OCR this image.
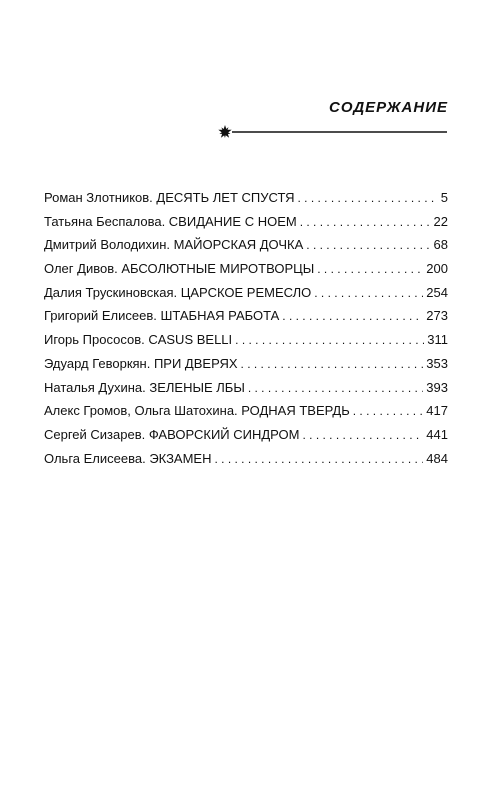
СОДЕРЖАНИЕ
Роман Злотников. ДЕСЯТЬ ЛЕТ СПУСТЯ . . .	5
Татьяна Беспалова. СВИДАНИЕ С НОЕМ . . .	22
Дмитрий Володихин. МАЙОРСКАЯ ДОЧКА . . .	68
Олег Дивов. АБСОЛЮТНЫЕ МИРОТВОРЦЫ . . .	200
Далия Трускиновская. ЦАРСКОЕ РЕМЕСЛО . . .	254
Григорий Елисеев. ШТАБНАЯ РАБОТА . . .	273
Игорь Прососов. CASUS BELLI . . .	311
Эдуард Геворкян. ПРИ ДВЕРЯХ . . .	353
Наталья Духина. ЗЕЛЕНЫЕ ЛБЫ . . .	393
Алекс Громов, Ольга Шатохина. РОДНАЯ ТВЕРДЬ . . .	417
Сергей Сизарев. ФАВОРСКИЙ СИНДРОМ . . .	441
Ольга Елисеева. ЭКЗАМЕН . . .	484
